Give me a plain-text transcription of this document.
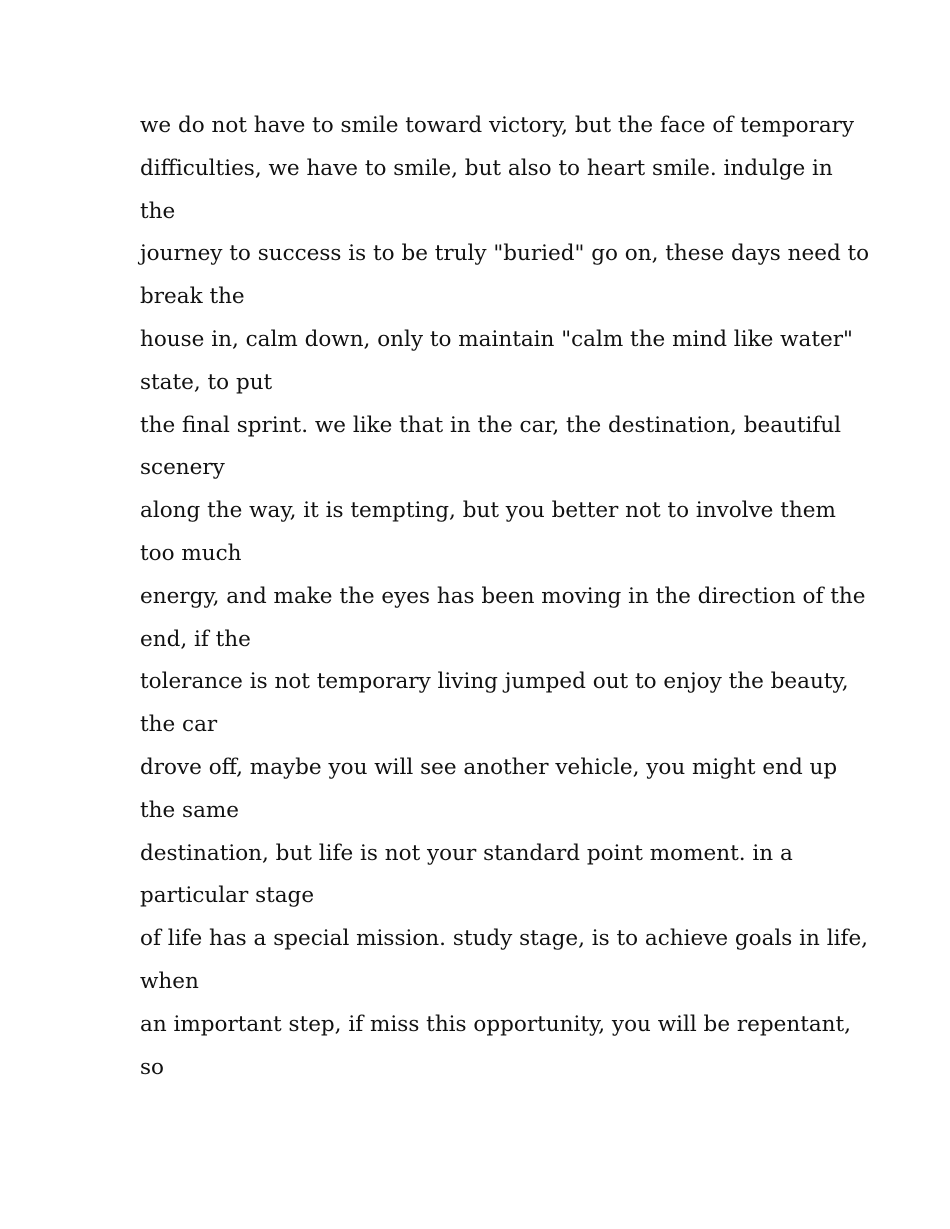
we do not have to smile toward victory, but the face of temporary
difficulties, we have to smile, but also to heart smile. indulge in
the
journey to success is to be truly "buried" go on, these days need to
break the
house in, calm down, only to maintain "calm the mind like water"
state, to put
the final sprint. we like that in the car, the destination, beautiful
scenery
along the way, it is tempting, but you better not to involve them
too much
energy, and make the eyes has been moving in the direction of the
end, if the
tolerance is not temporary living jumped out to enjoy the beauty,
the car
drove off, maybe you will see another vehicle, you might end up
the same
destination, but life is not your standard point moment. in a
particular stage
of life has a special mission. study stage, is to achieve goals in life,
when
an important step, if miss this opportunity, you will be repentant,
so
